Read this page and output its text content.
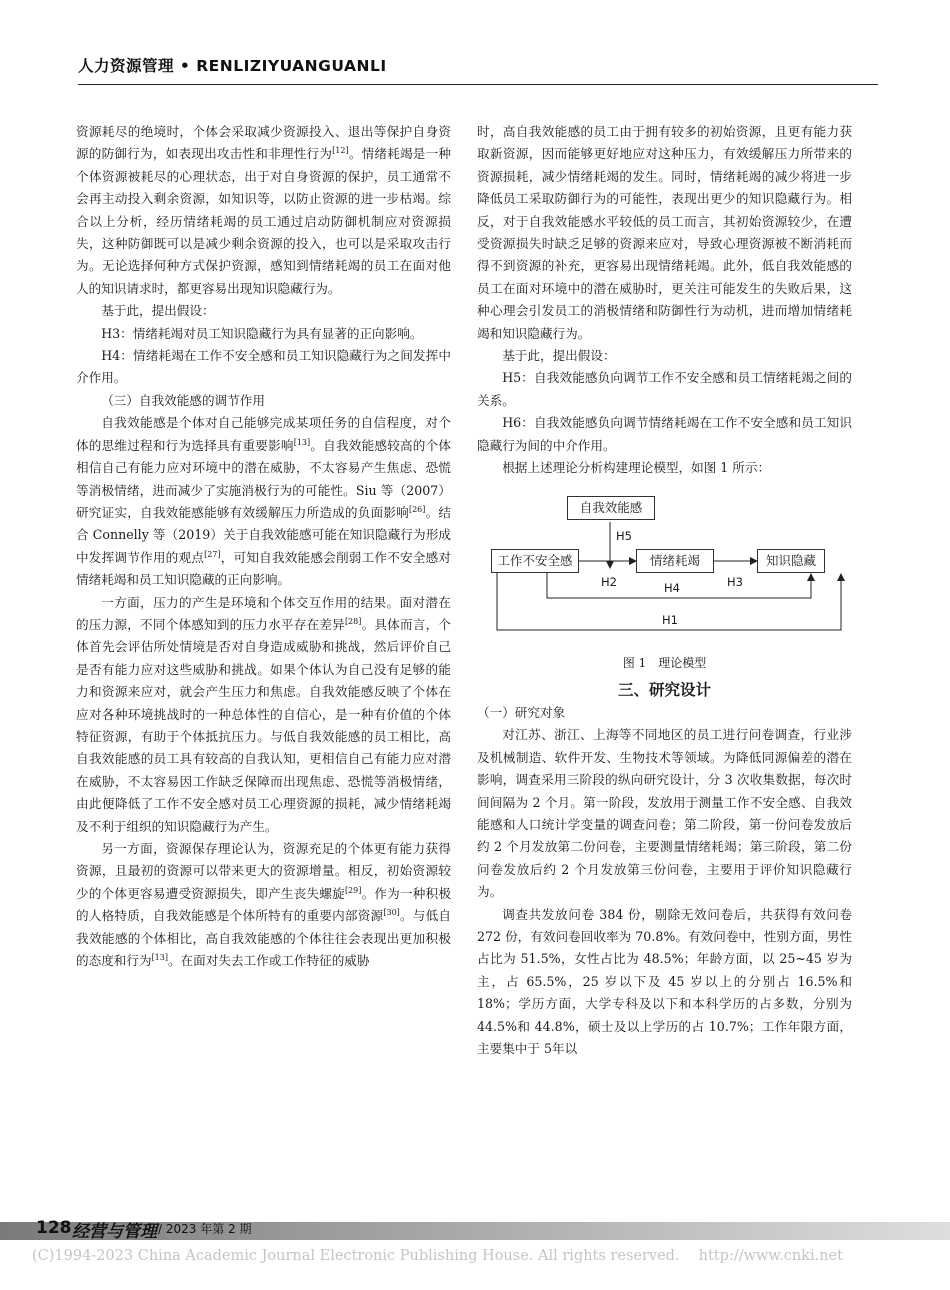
人力资源管理 • RENLIZIYUANGUANLI

资源耗尽的绝境时，个体会采取减少资源投入、退出等保护自身资源的防御行为，如表现出攻击性和非理性行为[12]。情绪耗竭是一种个体资源被耗尽的心理状态，出于对自身资源的保护，员工通常不会再主动投入剩余资源，如知识等，以防止资源的进一步枯竭。综合以上分析，经历情绪耗竭的员工通过启动防御机制应对资源损失，这种防御既可以是减少剩余资源的投入，也可以是采取攻击行为。无论选择何种方式保护资源，感知到情绪耗竭的员工在面对他人的知识请求时，都更容易出现知识隐藏行为。

基于此，提出假设：

H3：情绪耗竭对员工知识隐藏行为具有显著的正向影响。

H4：情绪耗竭在工作不安全感和员工知识隐藏行为之间发挥中介作用。

（三）自我效能感的调节作用

自我效能感是个体对自己能够完成某项任务的自信程度，对个体的思维过程和行为选择具有重要影响[13]。自我效能感较高的个体相信自己有能力应对环境中的潜在威胁，不太容易产生焦虑、恐慌等消极情绪，进而减少了实施消极行为的可能性。Siu 等（2007）研究证实，自我效能感能够有效缓解压力所造成的负面影响[26]。结合 Connelly 等（2019）关于自我效能感可能在知识隐藏行为形成中发挥调节作用的观点[27]，可知自我效能感会削弱工作不安全感对情绪耗竭和员工知识隐藏的正向影响。

一方面，压力的产生是环境和个体交互作用的结果。面对潜在的压力源，不同个体感知到的压力水平存在差异[28]。具体而言，个体首先会评估所处情境是否对自身造成威胁和挑战，然后评价自己是否有能力应对这些威胁和挑战。如果个体认为自己没有足够的能力和资源来应对，就会产生压力和焦虑。自我效能感反映了个体在应对各种环境挑战时的一种总体性的自信心，是一种有价值的个体特征资源，有助于个体抵抗压力。与低自我效能感的员工相比，高自我效能感的员工具有较高的自我认知，更相信自己有能力应对潜在威胁，不太容易因工作缺乏保障而出现焦虑、恐慌等消极情绪，由此便降低了工作不安全感对员工心理资源的损耗，减少情绪耗竭及不利于组织的知识隐藏行为产生。

另一方面，资源保存理论认为，资源充足的个体更有能力获得资源，且最初的资源可以带来更大的资源增量。相反，初始资源较少的个体更容易遭受资源损失，即产生丧失螺旋[29]。作为一种积极的人格特质，自我效能感是个体所特有的重要内部资源[30]。与低自我效能感的个体相比，高自我效能感的个体往往会表现出更加积极的态度和行为[13]。在面对失去工作或工作特征的威胁

时，高自我效能感的员工由于拥有较多的初始资源，且更有能力获取新资源，因而能够更好地应对这种压力，有效缓解压力所带来的资源损耗，减少情绪耗竭的发生。同时，情绪耗竭的减少将进一步降低员工采取防御行为的可能性，表现出更少的知识隐藏行为。相反，对于自我效能感水平较低的员工而言，其初始资源较少，在遭受资源损失时缺乏足够的资源来应对，导致心理资源被不断消耗而得不到资源的补充，更容易出现情绪耗竭。此外，低自我效能感的员工在面对环境中的潜在威胁时，更关注可能发生的失败后果，这种心理会引发员工的消极情绪和防御性行为动机，进而增加情绪耗竭和知识隐藏行为。

基于此，提出假设：

H5：自我效能感负向调节工作不安全感和员工情绪耗竭之间的关系。

H6：自我效能感负向调节情绪耗竭在工作不安全感和员工知识隐藏行为间的中介作用。

根据上述理论分析构建理论模型，如图 1 所示：

自我效能感
工作不安全感	情绪耗竭	知识隐藏
H5
H2	H3
H4
H1
图 1　理论模型

三、研究设计

（一）研究对象

对江苏、浙江、上海等不同地区的员工进行问卷调查，行业涉及机械制造、软件开发、生物技术等领域。为降低同源偏差的潜在影响，调查采用三阶段的纵向研究设计，分 3 次收集数据，每次时间间隔为 2 个月。第一阶段，发放用于测量工作不安全感、自我效能感和人口统计学变量的调查问卷；第二阶段，第一份问卷发放后约 2 个月发放第二份问卷，主要测量情绪耗竭；第三阶段，第二份问卷发放后约 2 个月发放第三份问卷，主要用于评价知识隐藏行为。

调查共发放问卷 384 份，剔除无效问卷后，共获得有效问卷 272 份，有效问卷回收率为 70.8%。有效问卷中，性别方面，男性占比为 51.5%，女性占比为 48.5%；年龄方面，以 25~45 岁为主，占 65.5%，25 岁以下及 45 岁以上的分别占 16.5%和 18%；学历方面，大学专科及以下和本科学历的占多数，分别为 44.5%和 44.8%，硕士及以上学历的占 10.7%；工作年限方面，主要集中于 5年以

128 经营与管理 / 2023 年第 2 期
(C)1994-2023 China Academic Journal Electronic Publishing House. All rights reserved.　 http://www.cnki.net
